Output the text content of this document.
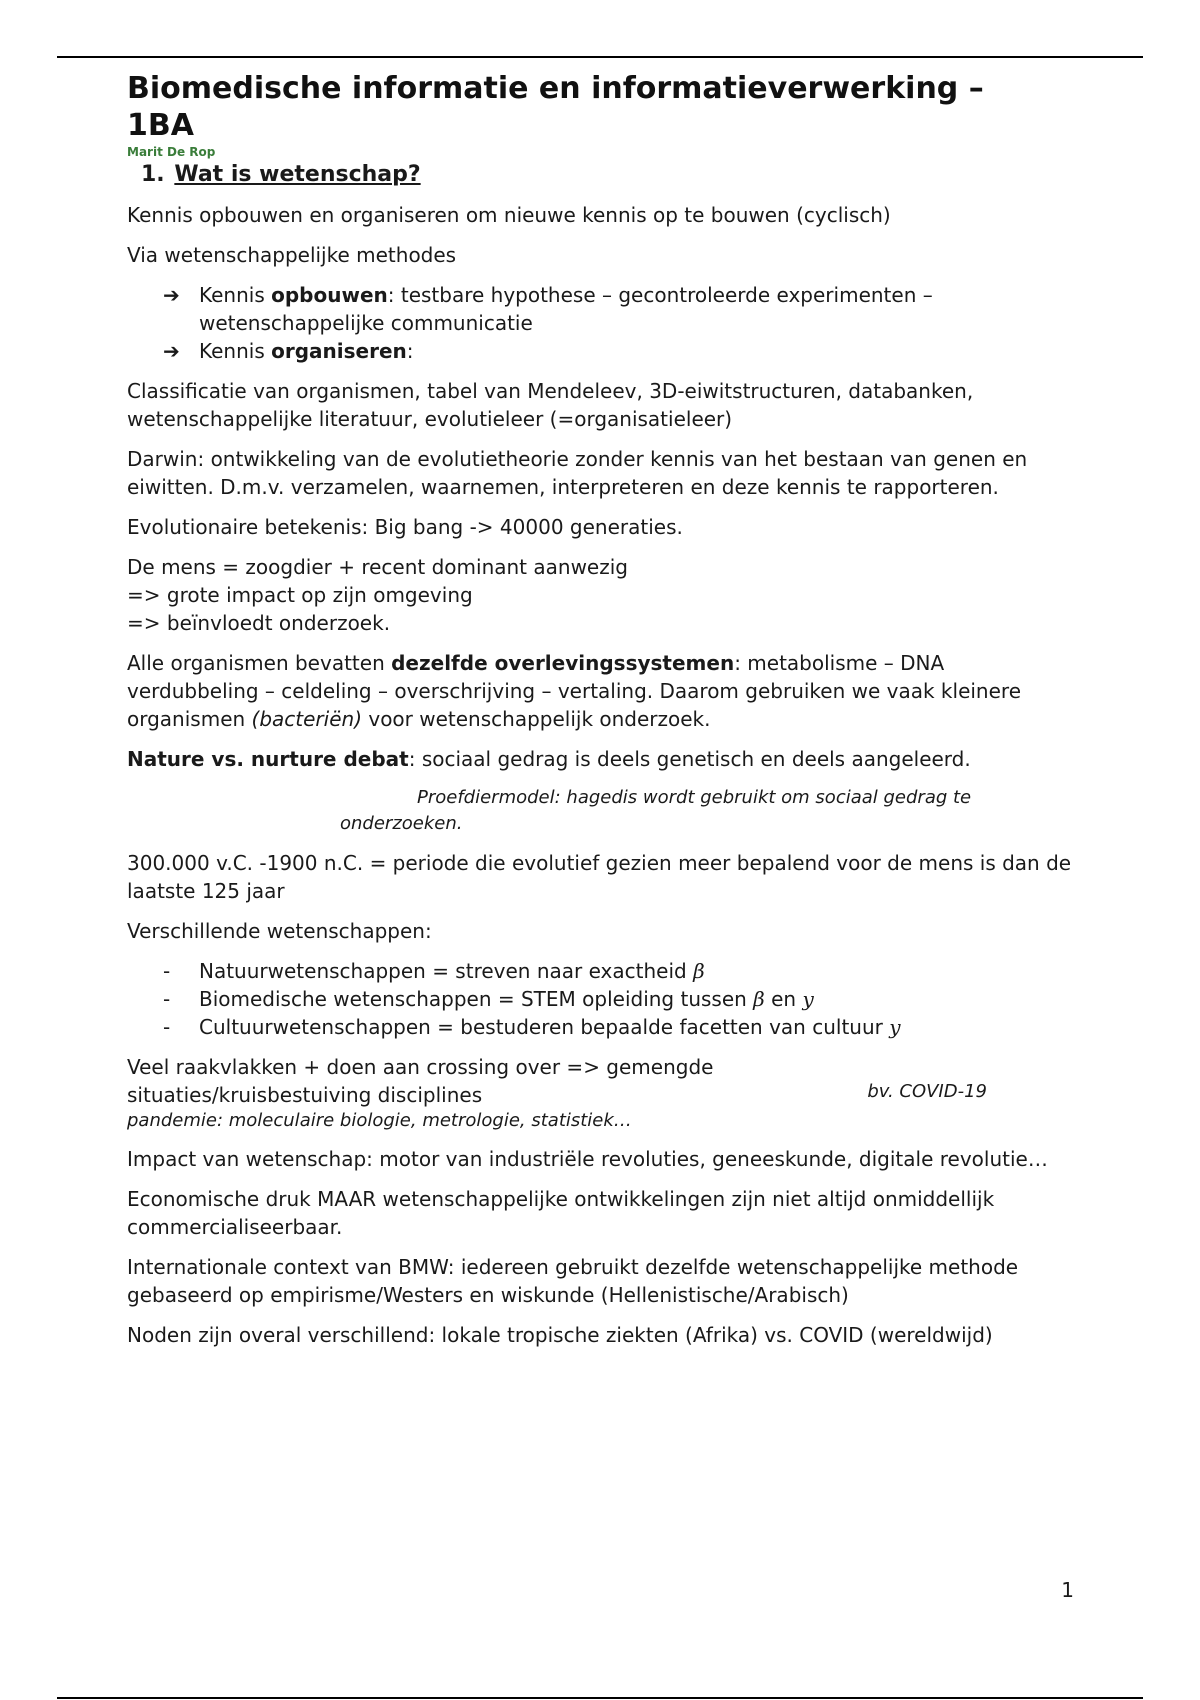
Biomedische informatie en informatieverwerking –
1BA
Marit De Rop
1. Wat is wetenschap?

Kennis opbouwen en organiseren om nieuwe kennis op te bouwen (cyclisch)

Via wetenschappelijke methodes

➔ Kennis opbouwen: testbare hypothese – gecontroleerde experimenten – wetenschappelijke communicatie
➔ Kennis organiseren:

Classificatie van organismen, tabel van Mendeleev, 3D-eiwitstructuren, databanken, wetenschappelijke literatuur, evolutieleer (=organisatieleer)

Darwin: ontwikkeling van de evolutietheorie zonder kennis van het bestaan van genen en eiwitten. D.m.v. verzamelen, waarnemen, interpreteren en deze kennis te rapporteren.

Evolutionaire betekenis: Big bang -> 40000 generaties.

De mens = zoogdier + recent dominant aanwezig
=> grote impact op zijn omgeving
=> beïnvloedt onderzoek.

Alle organismen bevatten dezelfde overlevingssystemen: metabolisme – DNA verdubbeling – celdeling – overschrijving – vertaling. Daarom gebruiken we vaak kleinere organismen (bacteriën) voor wetenschappelijk onderzoek.

Nature vs. nurture debat: sociaal gedrag is deels genetisch en deels aangeleerd.

Proefdiermodel: hagedis wordt gebruikt om sociaal gedrag te
onderzoeken.

300.000 v.C. -1900 n.C. = periode die evolutief gezien meer bepalend voor de mens is dan de laatste 125 jaar

Verschillende wetenschappen:

- Natuurwetenschappen = streven naar exactheid β
- Biomedische wetenschappen = STEM opleiding tussen β en y
- Cultuurwetenschappen = bestuderen bepaalde facetten van cultuur y

Veel raakvlakken + doen aan crossing over => gemengde

situaties/kruisbestuiving disciplines	bv. COVID-19
pandemie: moleculaire biologie, metrologie, statistiek…

Impact van wetenschap: motor van industriële revoluties, geneeskunde, digitale revolutie…

Economische druk MAAR wetenschappelijke ontwikkelingen zijn niet altijd onmiddellijk commercialiseerbaar.

Internationale context van BMW: iedereen gebruikt dezelfde wetenschappelijke methode gebaseerd op empirisme/Westers en wiskunde (Hellenistische/Arabisch)

Noden zijn overal verschillend: lokale tropische ziekten (Afrika) vs. COVID (wereldwijd)

1
